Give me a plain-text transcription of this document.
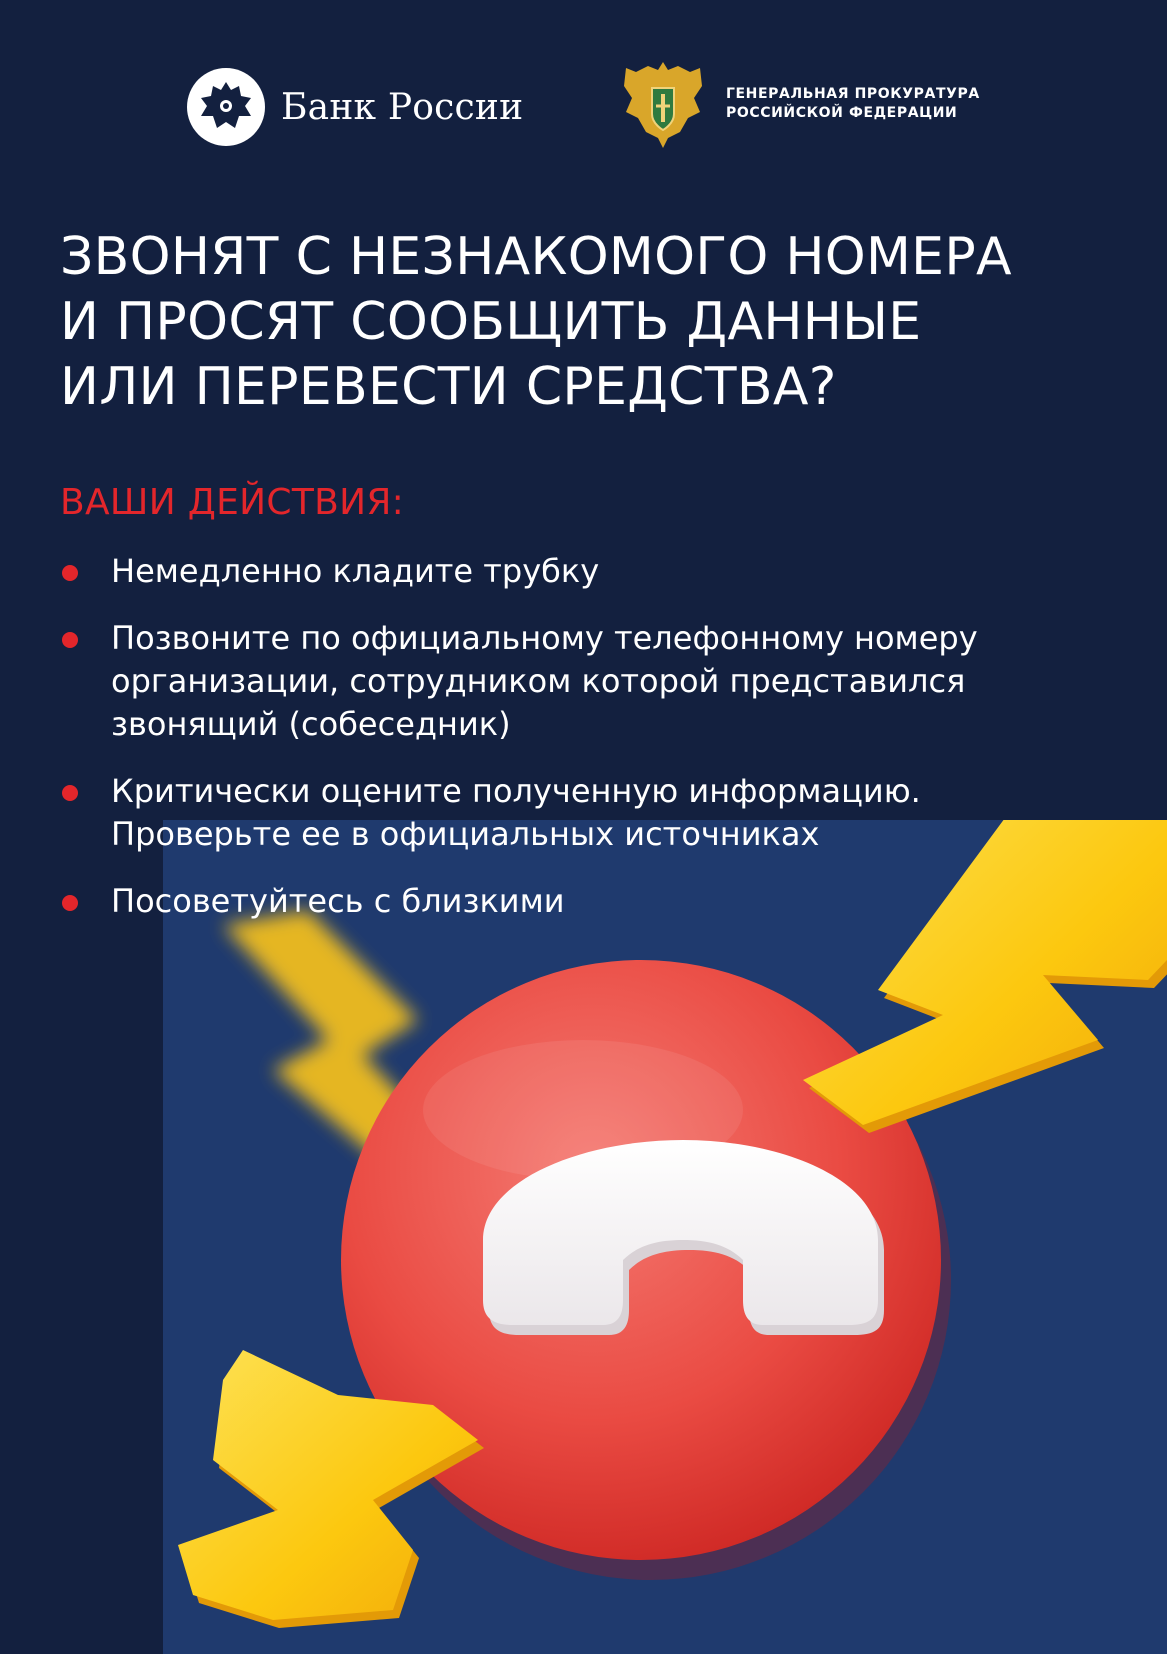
Банк России	ГЕНЕРАЛЬНАЯ ПРОКУРАТУРА
РОССИЙСКОЙ ФЕДЕРАЦИИ
ЗВОНЯТ С НЕЗНАКОМОГО НОМЕРА
И ПРОСЯТ СООБЩИТЬ ДАННЫЕ
ИЛИ ПЕРЕВЕСТИ СРЕДСТВА?
ВАШИ ДЕЙСТВИЯ:
Немедленно кладите трубку
Позвоните по официальному телефонному номеру
организации, сотрудником которой представился
звонящий (собеседник)
Критически оцените полученную информацию.
Проверьте ее в официальных источниках
Посоветуйтесь с близкими
